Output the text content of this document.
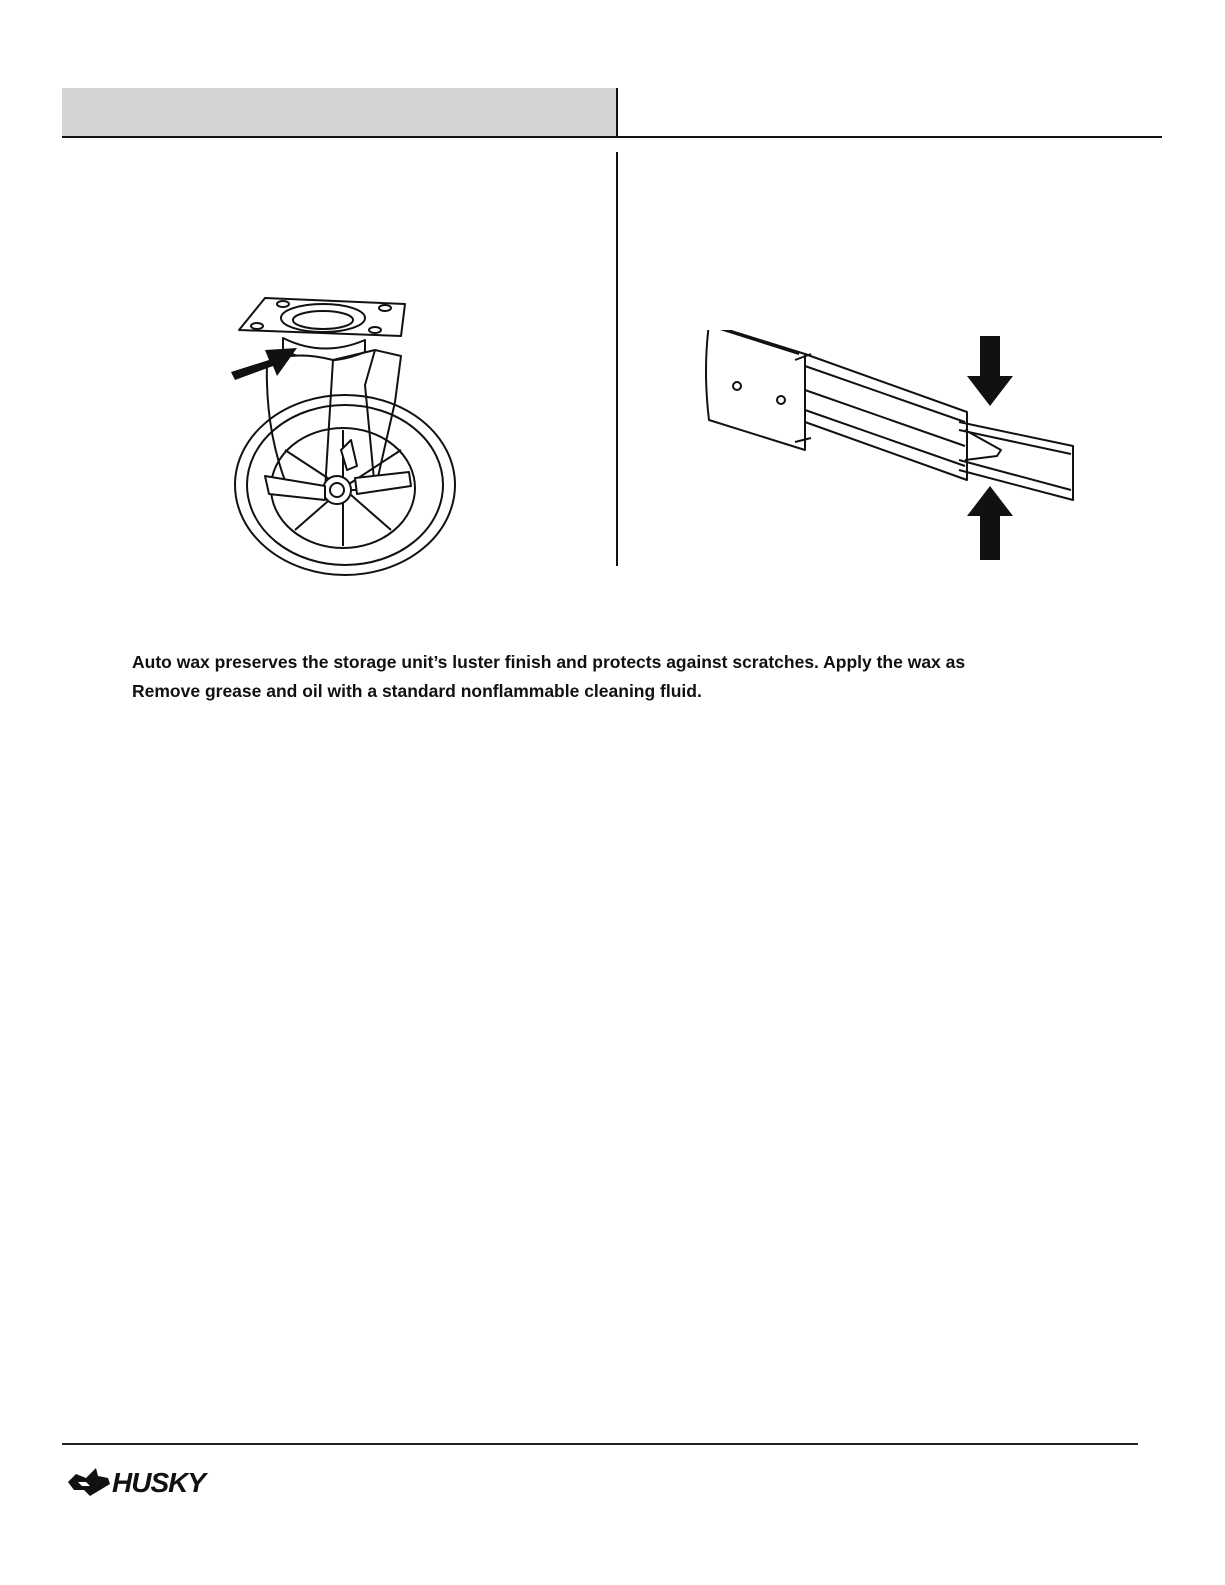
Auto wax preserves the storage unit’s luster finish and protects against scratches. Apply the wax as

Remove grease and oil with a standard nonflammable cleaning fluid.

HUSKY
